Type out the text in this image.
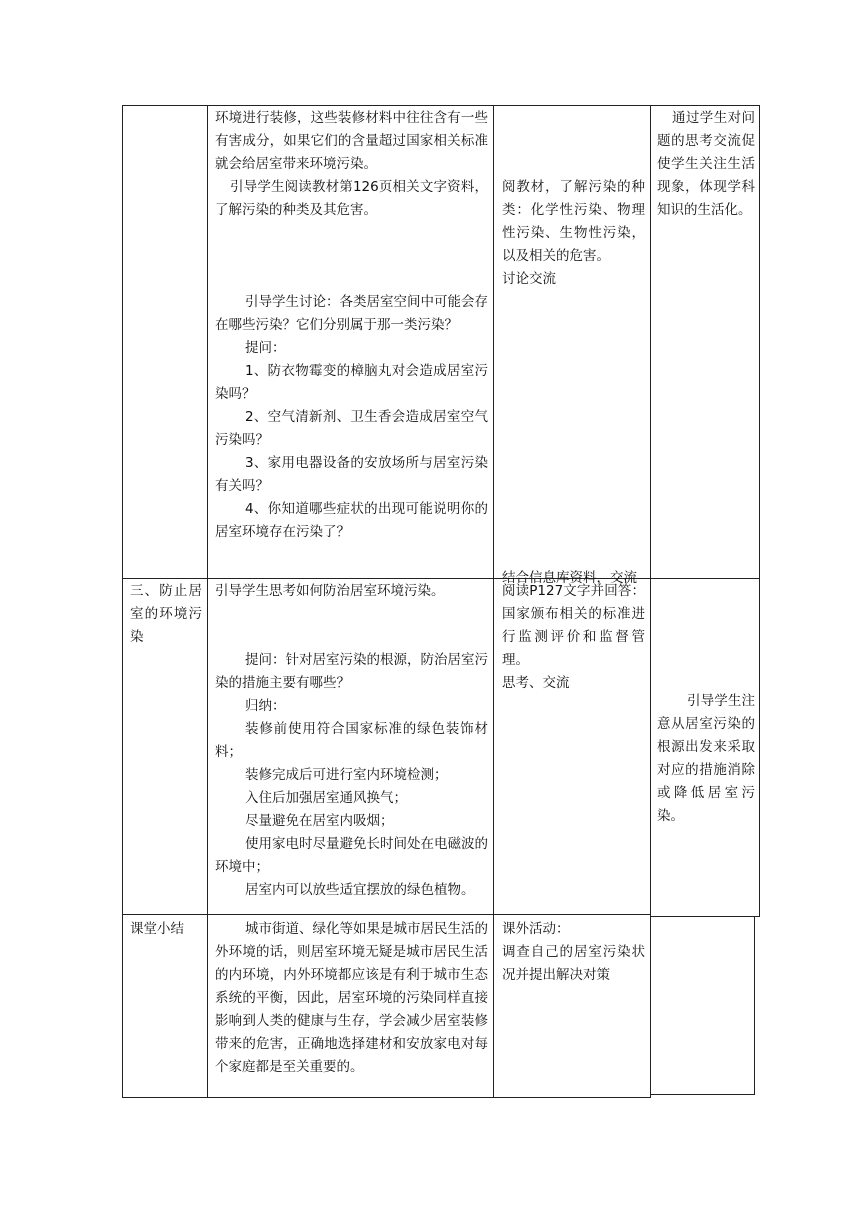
环境进行装修，这些装修材料中往往含有一些有害成分，如果它们的含量超过国家相关标准就会给居室带来环境污染。

引导学生阅读教材第126页相关文字资料，了解污染的种类及其危害。

引导学生讨论：各类居室空间中可能会存在哪些污染？它们分别属于那一类污染？

提问：

1、防衣物霉变的樟脑丸对会造成居室污染吗？

2、空气清新剂、卫生香会造成居室空气污染吗？

3、家用电器设备的安放场所与居室污染有关吗？

4、你知道哪些症状的出现可能说明你的居室环境存在污染了？

阅教材，了解污染的种类：化学性污染、物理性污染、生物性污染，以及相关的危害。

讨论交流

结合信息库资料，交流

通过学生对问题的思考交流促使学生关注生活现象，体现学科知识的生活化。

三、防止居室的环境污染

引导学生思考如何防治居室环境污染。

提问：针对居室污染的根源，防治居室污染的措施主要有哪些？

归纳：

装修前使用符合国家标准的绿色装饰材料；

装修完成后可进行室内环境检测；

入住后加强居室通风换气；

尽量避免在居室内吸烟；

使用家电时尽量避免长时间处在电磁波的环境中；

居室内可以放些适宜摆放的绿色植物。

阅读P127文字并回答：国家颁布相关的标准进行监测评价和监督管理。

思考、交流

引导学生注意从居室污染的根源出发来采取对应的措施消除或降低居室污染。

课堂小结	城市街道、绿化等如果是城市居民生活的外环境的话，则居室环境无疑是城市居民生活的内环境，内外环境都应该是有利于城市生态系统的平衡，因此，居室环境的污染同样直接影响到人类的健康与生存，学会减少居室装修带来的危害，正确地选择建材和安放家电对每个家庭都是至关重要的。

课外活动：

调查自己的居室污染状况并提出解决对策
